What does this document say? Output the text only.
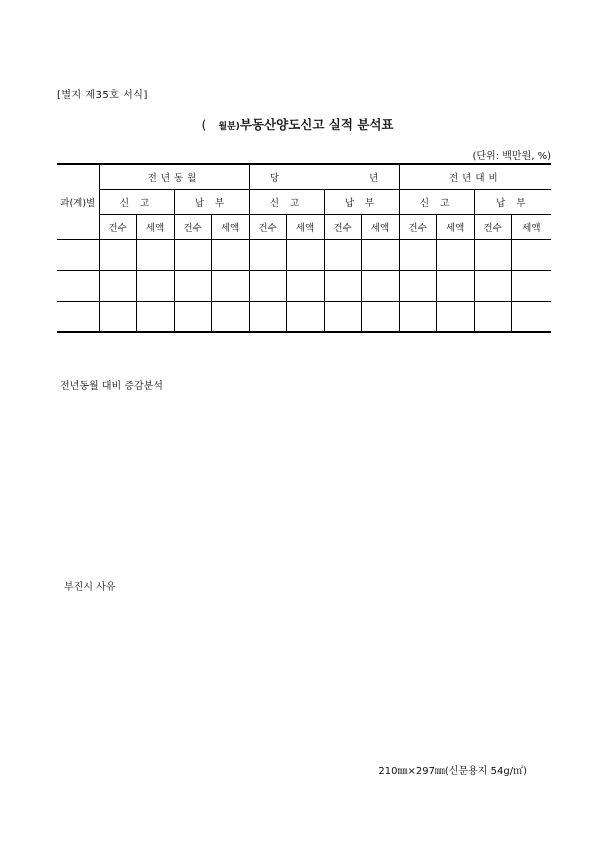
[별지 제35호 서식]
( 월분)부동산양도신고 실적 분석표
(단위: 백만원, %)
과(계)별	전년동월				당      년				전년대비			
	신 고		납 부		신 고		납 부		신 고		납 부	
	건수	세액	건수	세액	건수	세액	건수	세액	건수	세액	건수	세액

전년동월 대비 증감분석
부진시 사유
210㎜×297㎜(신문용지 54g/㎡)
